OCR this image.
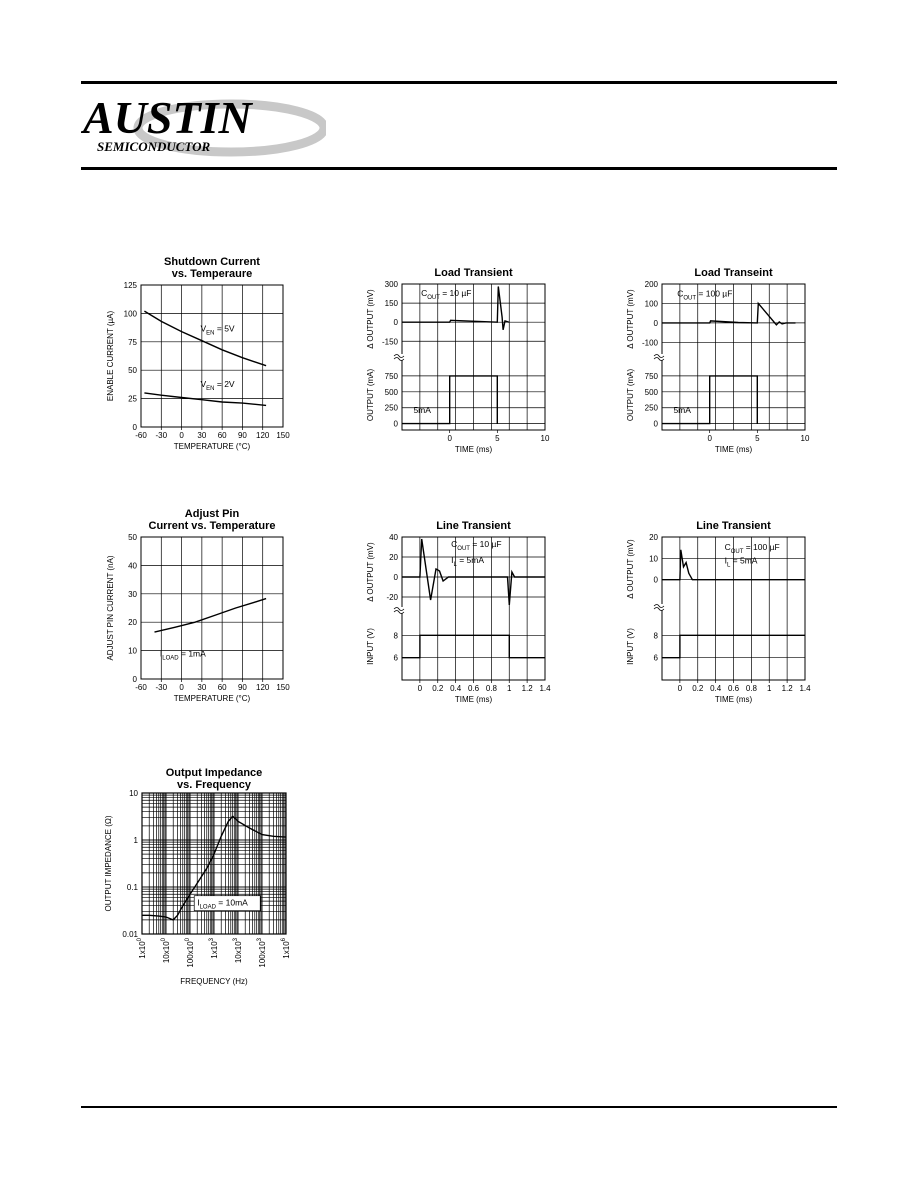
AUSTIN
SEMICONDUCTOR
Shutdown Current
vs. Temperaure
-60 -30 0 30 60 90 120 150
0
25
50
75
100
125
ENABLE CURRENT (µA)
TEMPERATURE (°C)
VEN = 5V
VEN = 2V
Load Transient
0	5	10
300
150
0
-150
750
500
250
0
Δ OUTPUT (mV)
OUTPUT (mA)
TIME (ms)
COUT = 10 µF
5mA
Load Transeint
0	5	10
200
100
0
-100
750
500
250
0
Δ OUTPUT (mV)
OUTPUT (mA)
TIME (ms)
COUT = 100 µF
5mA
Adjust Pin
Current vs. Temperature
-60 -30 0 30 60 90 120 150
0
10
20
30
40
50
ADJUST PIN CURRENT (nA)
TEMPERATURE (°C)
ILOAD = 1mA
Line Transient
0 0.2 0.4 0.6 0.8 1 1.2 1.4
40
20
0
-20
8
6
Δ OUTPUT (mV)
INPUT (V)
TIME (ms)
COUT = 10 µF
IL = 5mA
Line Transient
0 0.2 0.4 0.6 0.8 1 1.2 1.4
20
10
0
8
6
Δ OUTPUT (mV)
INPUT (V)
TIME (ms)
COUT = 100 µF
IL = 5mA
Output Impedance
vs. Frequency
0.01
0.1
1
10
1x100
10x100
100x100
1x103
10x103
100x103
1x106
OUTPUT IMPEDANCE (Ω)
FREQUENCY (Hz)
ILOAD = 10mA
